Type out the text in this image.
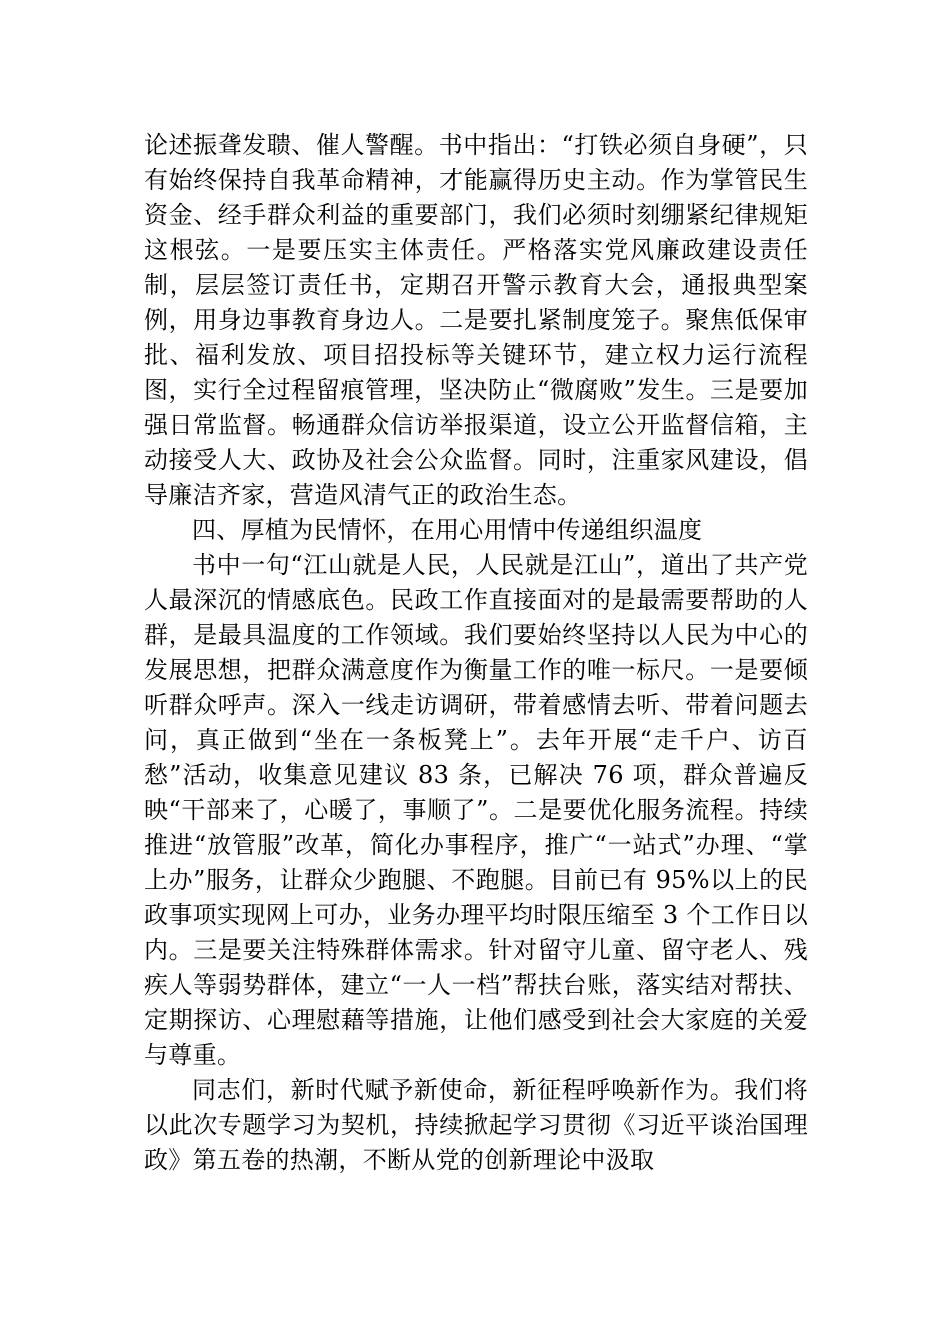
论述振聋发聩、催人警醒。书中指出：“打铁必须自身硬”，只有始终保持自我革命精神，才能赢得历史主动。作为掌管民生资金、经手群众利益的重要部门，我们必须时刻绷紧纪律规矩这根弦。一是要压实主体责任。严格落实党风廉政建设责任制，层层签订责任书，定期召开警示教育大会，通报典型案例，用身边事教育身边人。二是要扎紧制度笼子。聚焦低保审批、福利发放、项目招投标等关键环节，建立权力运行流程图，实行全过程留痕管理，坚决防止“微腐败”发生。三是要加强日常监督。畅通群众信访举报渠道，设立公开监督信箱，主动接受人大、政协及社会公众监督。同时，注重家风建设，倡导廉洁齐家，营造风清气正的政治生态。

四、厚植为民情怀，在用心用情中传递组织温度

书中一句“江山就是人民，人民就是江山”，道出了共产党人最深沉的情感底色。民政工作直接面对的是最需要帮助的人群，是最具温度的工作领域。我们要始终坚持以人民为中心的发展思想，把群众满意度作为衡量工作的唯一标尺。一是要倾听群众呼声。深入一线走访调研，带着感情去听、带着问题去问，真正做到“坐在一条板凳上”。去年开展“走千户、访百愁”活动，收集意见建议 83 条，已解决 76 项，群众普遍反映“干部来了，心暖了，事顺了”。二是要优化服务流程。持续推进“放管服”改革，简化办事程序，推广“一站式”办理、“掌上办”服务，让群众少跑腿、不跑腿。目前已有 95%以上的民政事项实现网上可办，业务办理平均时限压缩至 3 个工作日以内。三是要关注特殊群体需求。针对留守儿童、留守老人、残疾人等弱势群体，建立“一人一档”帮扶台账，落实结对帮扶、定期探访、心理慰藉等措施，让他们感受到社会大家庭的关爱与尊重。

同志们，新时代赋予新使命，新征程呼唤新作为。我们将以此次专题学习为契机，持续掀起学习贯彻《习近平谈治国理政》第五卷的热潮，不断从党的创新理论中汲取
